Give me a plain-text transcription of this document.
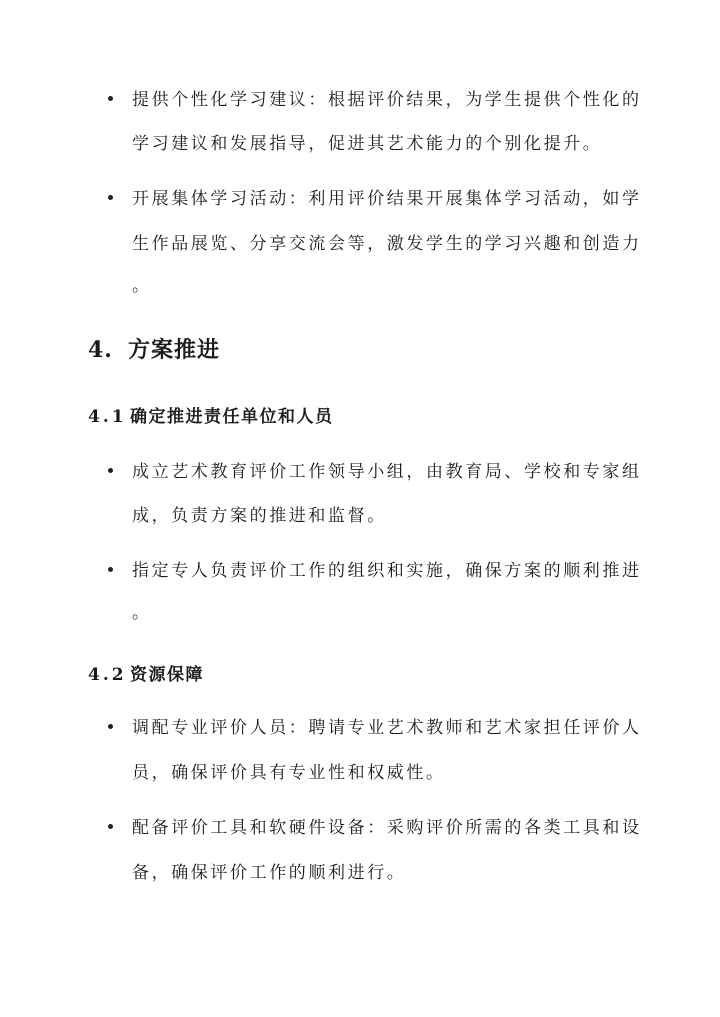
提供个性化学习建议：根据评价结果，为学生提供个性化的
学习建议和发展指导，促进其艺术能力的个别化提升。
开展集体学习活动：利用评价结果开展集体学习活动，如学
生作品展览、分享交流会等，激发学生的学习兴趣和创造力
。
4. 方案推进
4.1 确定推进责任单位和人员
成立艺术教育评价工作领导小组，由教育局、学校和专家组
成，负责方案的推进和监督。
指定专人负责评价工作的组织和实施，确保方案的顺利推进
。
4.2 资源保障
调配专业评价人员：聘请专业艺术教师和艺术家担任评价人
员，确保评价具有专业性和权威性。
配备评价工具和软硬件设备：采购评价所需的各类工具和设
备，确保评价工作的顺利进行。
